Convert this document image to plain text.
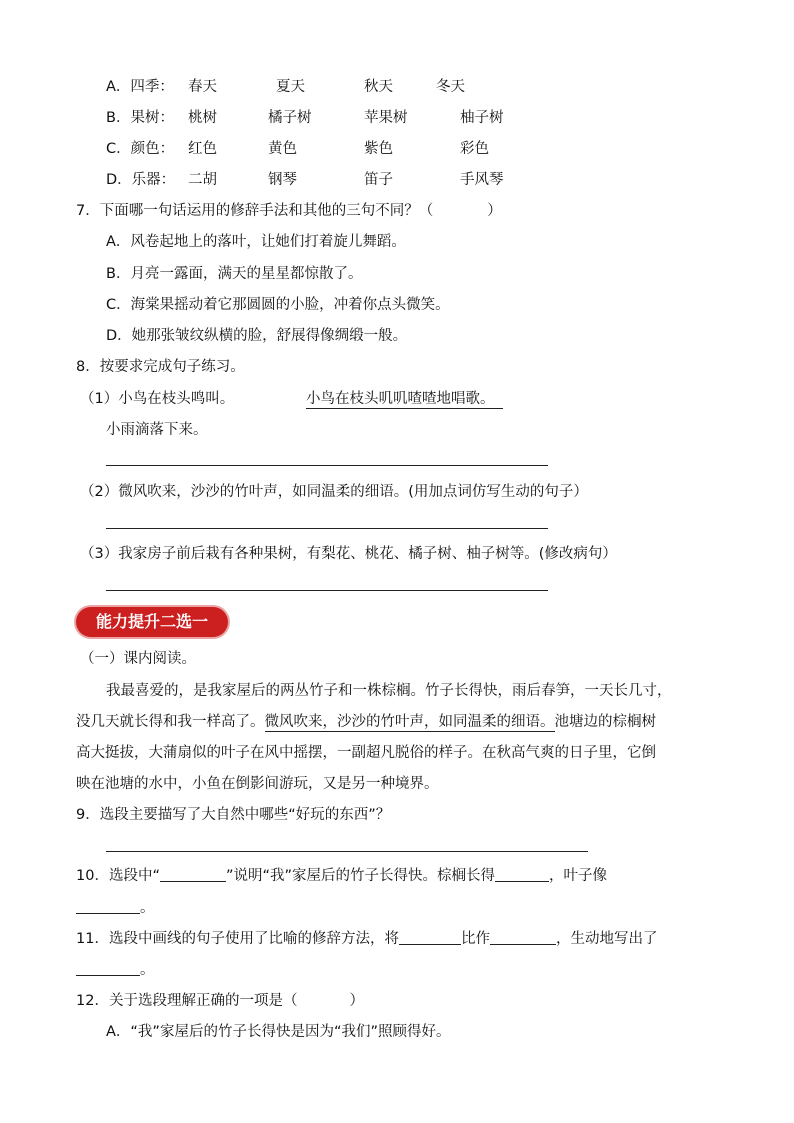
A．四季： 春天	夏天	秋天	冬天
B．果树： 桃树	橘子树	苹果树	柚子树
C．颜色： 红色	黄色	紫色	彩色
D．乐器： 二胡	钢琴	笛子	手风琴
7．下面哪一句话运用的修辞手法和其他的三句不同？（	）
A．风卷起地上的落叶，让她们打着旋儿舞蹈。
B．月亮一露面，满天的星星都惊散了。
C．海棠果摇动着它那圆圆的小脸，冲着你点头微笑。
D．她那张皱纹纵横的脸，舒展得像绸缎一般。
8．按要求完成句子练习。
（1）小鸟在枝头鸣叫。	小鸟在枝头叽叽喳喳地唱歌。
小雨滴落下来。
（2）微风吹来，沙沙的竹叶声，如同温柔的细语。(用加点词仿写生动的句子）
（3）我家房子前后栽有各种果树，有梨花、桃花、橘子树、柚子树等。(修改病句）
能力提升二选一
（一）课内阅读。
我最喜爱的，是我家屋后的两丛竹子和一株棕榈。竹子长得快，雨后春笋，一天长几寸，
没几天就长得和我一样高了。微风吹来，沙沙的竹叶声，如同温柔的细语。池塘边的棕榈树
高大挺拔，大蒲扇似的叶子在风中摇摆，一副超凡脱俗的样子。在秋高气爽的日子里，它倒
映在池塘的水中，小鱼在倒影间游玩，又是另一种境界。
9．选段主要描写了大自然中哪些“好玩的东西”？
10．选段中“	”说明“我”家屋后的竹子长得快。棕榈长得	，叶子像
。
11．选段中画线的句子使用了比喻的修辞方法，将	比作	，生动地写出了
。
12．关于选段理解正确的一项是（	）
A．“我”家屋后的竹子长得快是因为“我们”照顾得好。
